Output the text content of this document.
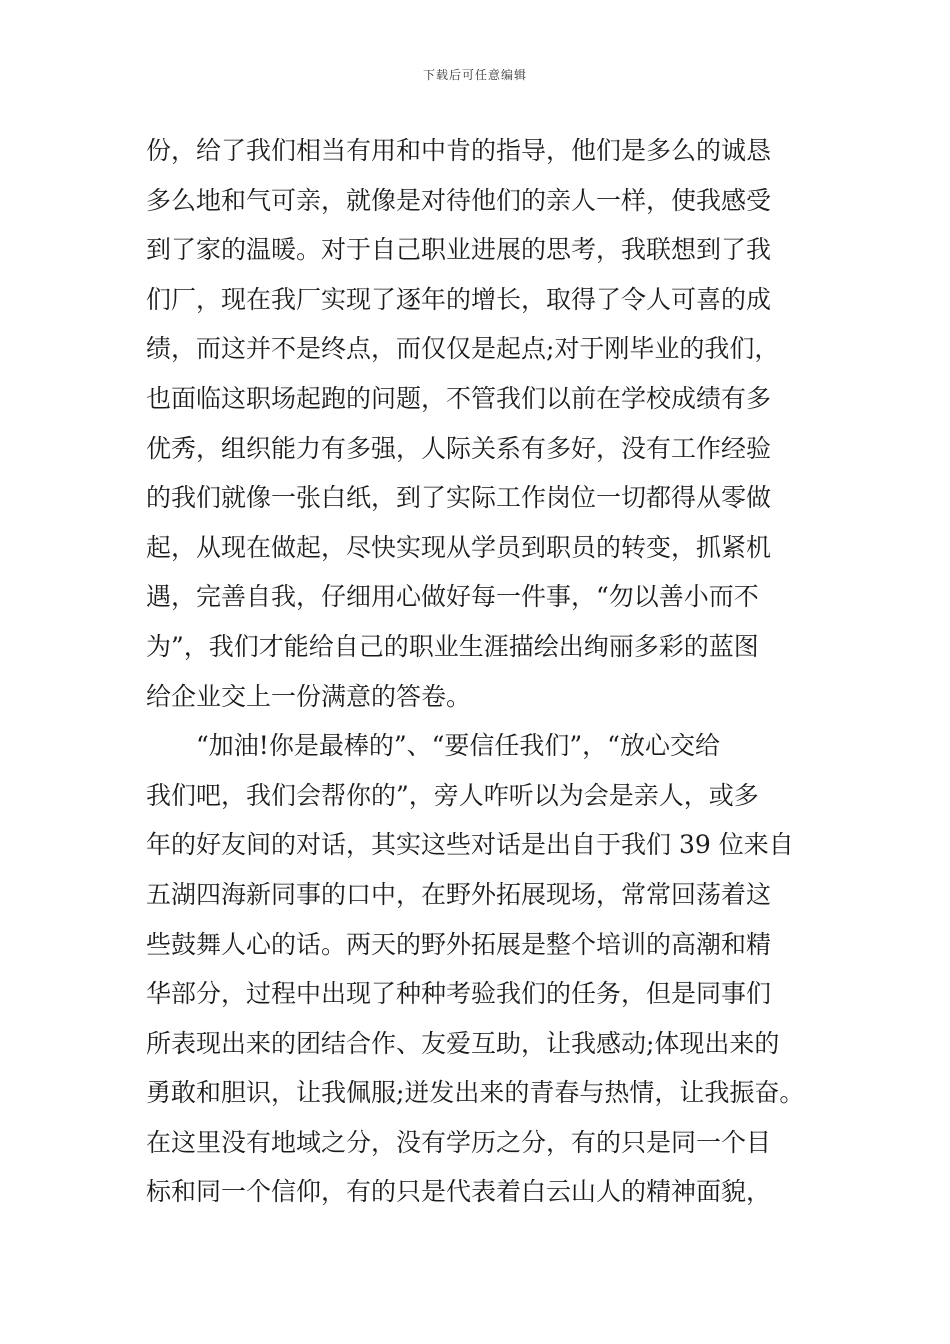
下载后可任意编辑
份，给了我们相当有用和中肯的指导，他们是多么的诚恳
多么地和气可亲，就像是对待他们的亲人一样，使我感受
到了家的温暖。对于自己职业进展的思考，我联想到了我
们厂，现在我厂实现了逐年的增长，取得了令人可喜的成
绩，而这并不是终点，而仅仅是起点;对于刚毕业的我们，
也面临这职场起跑的问题，不管我们以前在学校成绩有多
优秀，组织能力有多强，人际关系有多好，没有工作经验
的我们就像一张白纸，到了实际工作岗位一切都得从零做
起，从现在做起，尽快实现从学员到职员的转变，抓紧机
遇，完善自我，仔细用心做好每一件事，“勿以善小而不
为”，我们才能给自己的职业生涯描绘出绚丽多彩的蓝图
给企业交上一份满意的答卷。
　　“加油!你是最棒的”、“要信任我们”，“放心交给
我们吧，我们会帮你的”，旁人咋听以为会是亲人，或多
年的好友间的对话，其实这些对话是出自于我们 39 位来自
五湖四海新同事的口中，在野外拓展现场，常常回荡着这
些鼓舞人心的话。两天的野外拓展是整个培训的高潮和精
华部分，过程中出现了种种考验我们的任务，但是同事们
所表现出来的团结合作、友爱互助，让我感动;体现出来的
勇敢和胆识，让我佩服;迸发出来的青春与热情，让我振奋。
在这里没有地域之分，没有学历之分，有的只是同一个目
标和同一个信仰，有的只是代表着白云山人的精神面貌，
